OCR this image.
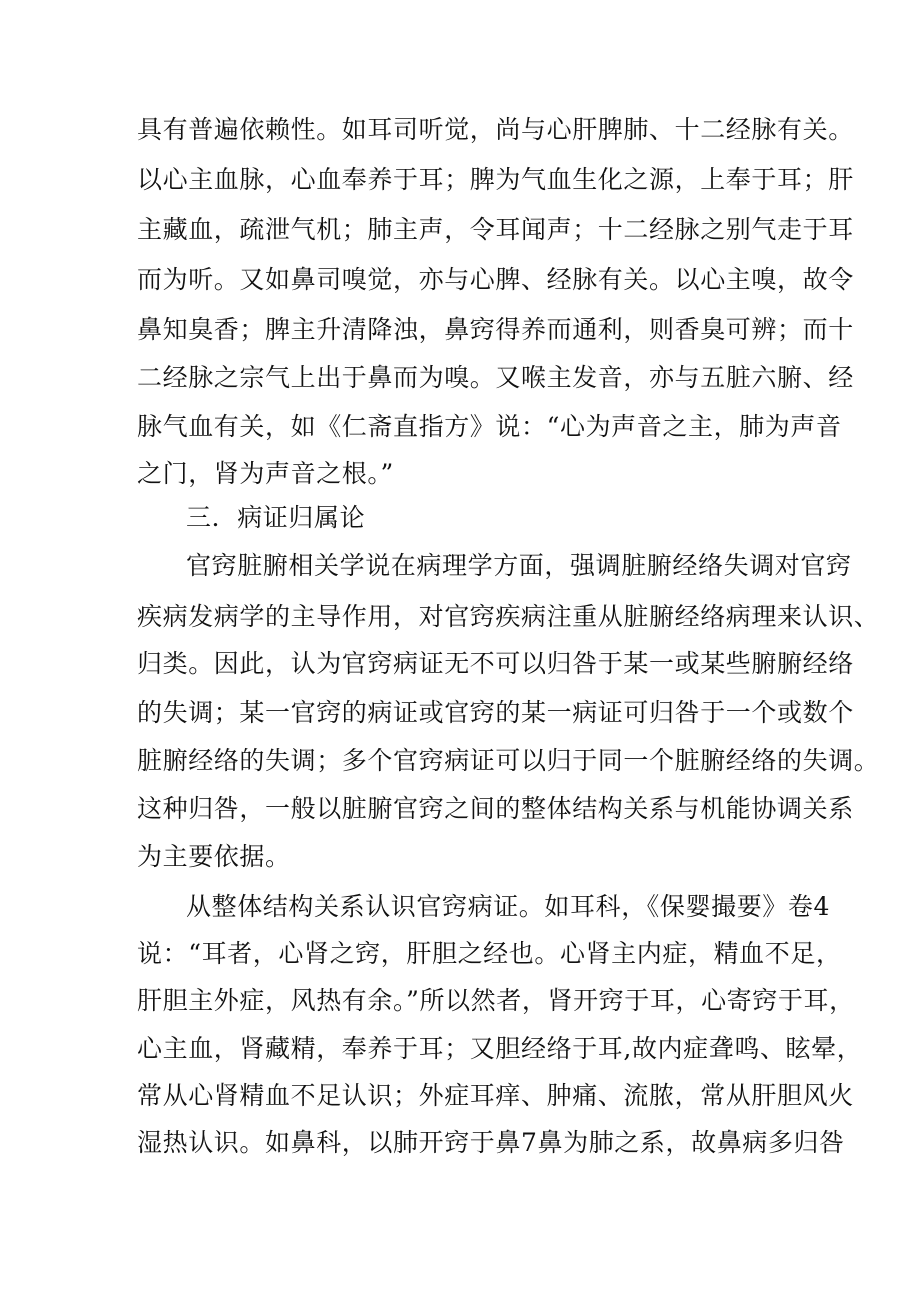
具有普遍依赖性。如耳司听觉，尚与心肝脾肺、十二经脉有关。
以心主血脉，心血奉养于耳；脾为气血生化之源，上奉于耳；肝
主藏血，疏泄气机；肺主声，令耳闻声；十二经脉之别气走于耳
而为听。又如鼻司嗅觉，亦与心脾、经脉有关。以心主嗅，故令
鼻知臭香；脾主升清降浊，鼻窍得养而通利，则香臭可辨；而十
二经脉之宗气上出于鼻而为嗅。又喉主发音，亦与五脏六腑、经
脉气血有关，如《仁斋直指方》说：“心为声音之主，肺为声音
之门，肾为声音之根。”
三．病证归属论
官窍脏腑相关学说在病理学方面，强调脏腑经络失调对官窍
疾病发病学的主导作用，对官窍疾病注重从脏腑经络病理来认识、
归类。因此，认为官窍病证无不可以归咎于某一或某些腑腑经络
的失调；某一官窍的病证或官窍的某一病证可归咎于一个或数个
脏腑经络的失调；多个官窍病证可以归于同一个脏腑经络的失调。
这种归咎，一般以脏腑官窍之间的整体结构关系与机能协调关系
为主要依据。
从整体结构关系认识官窍病证。如耳科，《保婴撮要》卷4
说：“耳者，心肾之窍，肝胆之经也。心肾主内症，精血不足，
肝胆主外症，风热有余。”所以然者，肾开窍于耳，心寄窍于耳，
心主血，肾藏精，奉养于耳；又胆经络于耳,故内症聋鸣、眩晕，
常从心肾精血不足认识；外症耳痒、肿痛、流脓，常从肝胆风火
湿热认识。如鼻科，以肺开窍于鼻7鼻为肺之系，故鼻病多归咎
